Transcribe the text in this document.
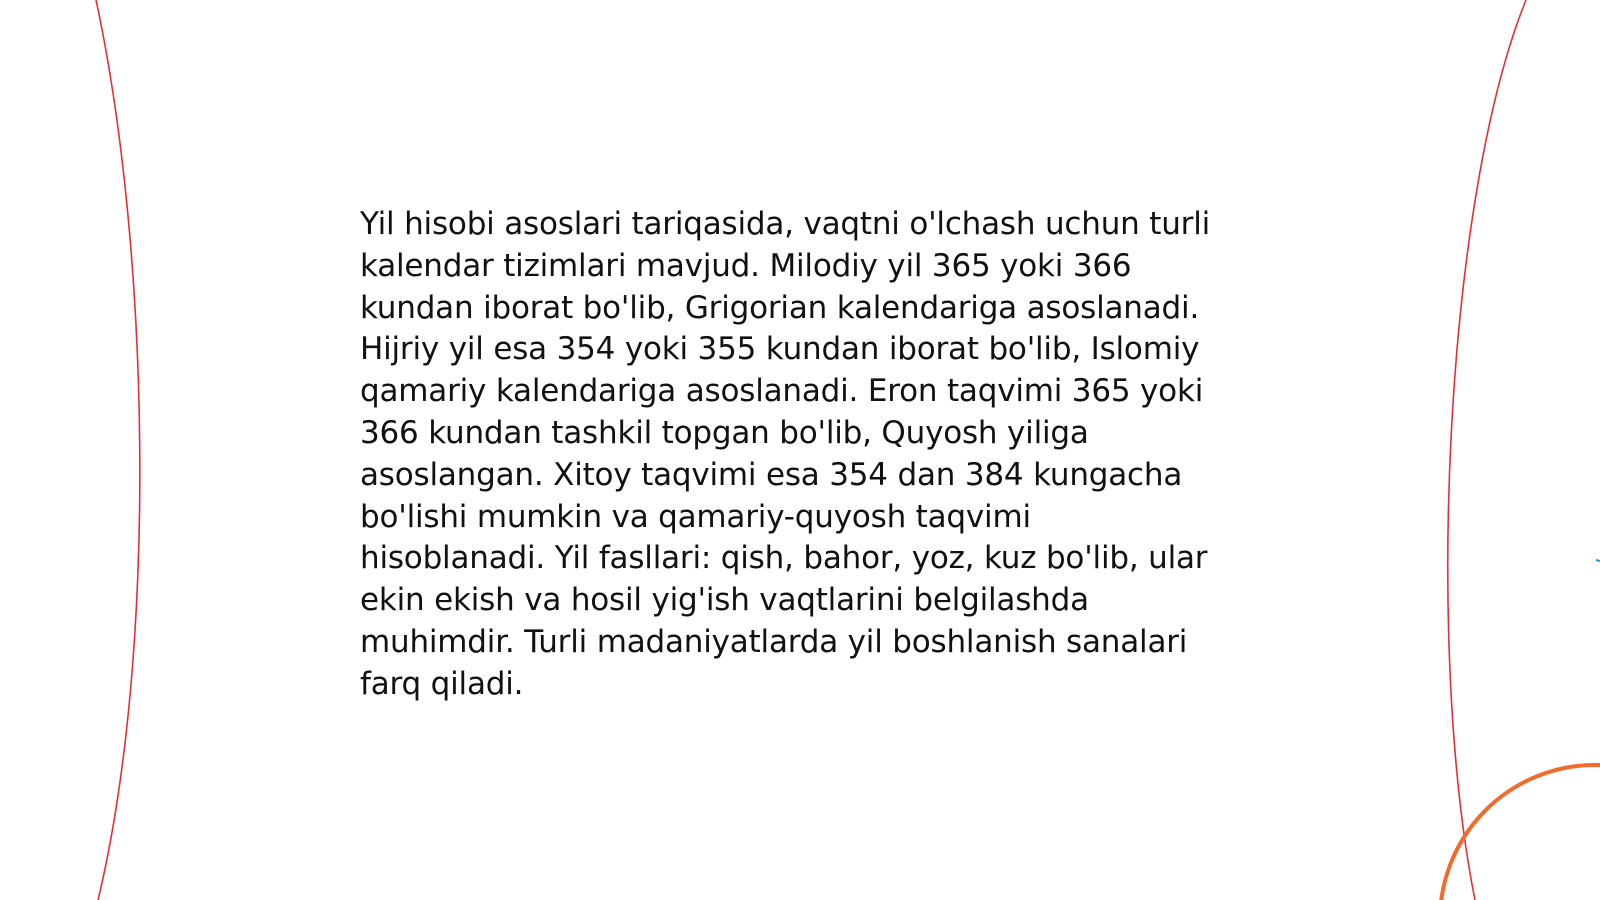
Yil hisobi asoslari tariqasida, vaqtni o'lchash uchun turli kalendar tizimlari mavjud. Milodiy yil 365 yoki 366 kundan iborat bo'lib, Grigorian kalendariga asoslanadi. Hijriy yil esa 354 yoki 355 kundan iborat bo'lib, Islomiy qamariy kalendariga asoslanadi. Eron taqvimi 365 yoki 366 kundan tashkil topgan bo'lib, Quyosh yiliga asoslangan. Xitoy taqvimi esa 354 dan 384 kungacha bo'lishi mumkin va qamariy-quyosh taqvimi hisoblanadi. Yil fasllari: qish, bahor, yoz, kuz bo'lib, ular ekin ekish va hosil yig'ish vaqtlarini belgilashda muhimdir. Turli madaniyatlarda yil boshlanish sanalari farq qiladi.
